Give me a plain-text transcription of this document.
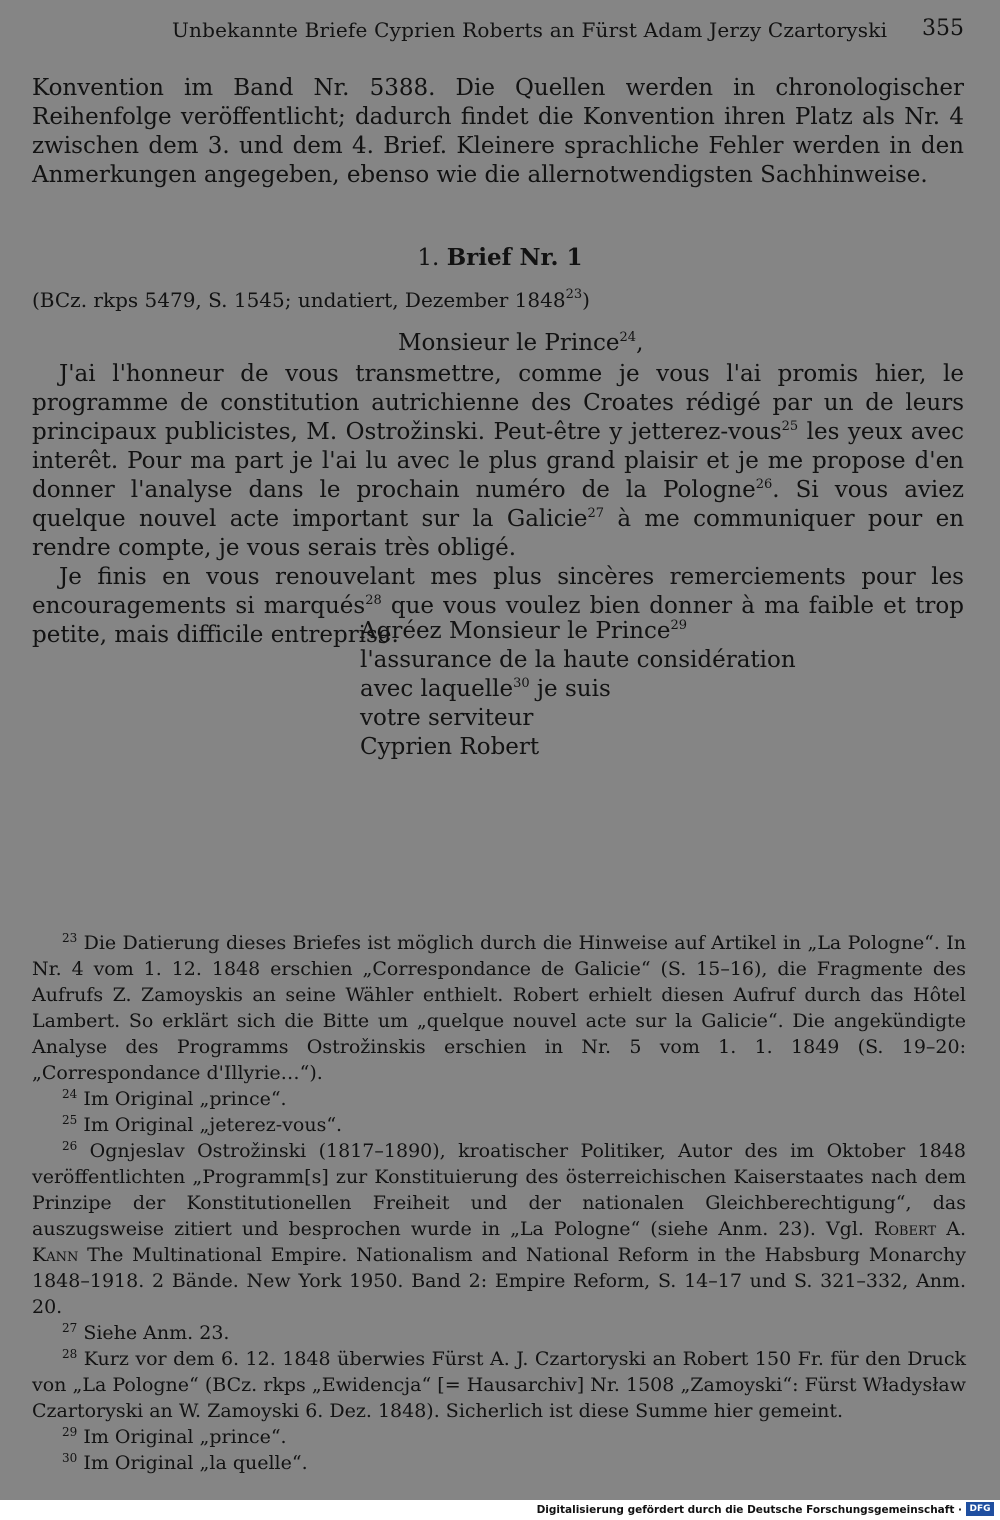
Unbekannte Briefe Cyprien Roberts an Fürst Adam Jerzy Czartoryski 355
Konvention im Band Nr. 5388. Die Quellen werden in chronologischer Reihenfolge veröffentlicht; dadurch findet die Konvention ihren Platz als Nr. 4 zwischen dem 3. und dem 4. Brief. Kleinere sprachliche Fehler werden in den Anmerkungen angegeben, ebenso wie die allernotwendigsten Sachhinweise.
1. Brief Nr. 1
(BCz. rkps 5479, S. 1545; undatiert, Dezember 1848$^{23}$)
Monsieur le Prince$^{24}$,

J'ai l'honneur de vous transmettre, comme je vous l'ai promis hier, le programme de constitution autrichienne des Croates rédigé par un de leurs principaux publicistes, M. Ostrožinski. Peut-être y jetterez-vous$^{25}$ les yeux avec interêt. Pour ma part je l'ai lu avec le plus grand plaisir et je me propose d'en donner l'analyse dans le prochain numéro de la Pologne$^{26}$. Si vous aviez quelque nouvel acte important sur la Galicie$^{27}$ à me communiquer pour en rendre compte, je vous serais très obligé.

Je finis en vous renouvelant mes plus sincères remerciements pour les encouragements si marqués$^{28}$ que vous voulez bien donner à ma faible et trop petite, mais difficile entreprise.

Agréez Monsieur le Prince$^{29}$
l'assurance de la haute considération
avec laquelle$^{30}$ je suis
votre serviteur
Cyprien Robert
$^{23}$ Die Datierung dieses Briefes ist möglich durch die Hinweise auf Artikel in „La Pologne“. In Nr. 4 vom 1. 12. 1848 erschien „Correspondance de Galicie“ (S. 15–16), die Fragmente des Aufrufs Z. Zamoyskis an seine Wähler enthielt. Robert erhielt diesen Aufruf durch das Hôtel Lambert. So erklärt sich die Bitte um „quelque nouvel acte sur la Galicie“. Die angekündigte Analyse des Programms Ostrožinskis erschien in Nr. 5 vom 1. 1. 1849 (S. 19–20: „Correspondance d'Illyrie…“).
$^{24}$ Im Original „prince“.
$^{25}$ Im Original „jeterez-vous“.
$^{26}$ Ognjeslav Ostrožinski (1817–1890), kroatischer Politiker, Autor des im Oktober 1848 veröffentlichten „Programm[s] zur Konstituierung des österreichischen Kaiserstaates nach dem Prinzipe der Konstitutionellen Freiheit und der nationalen Gleichberechtigung“, das auszugsweise zitiert und besprochen wurde in „La Pologne“ (siehe Anm. 23). Vgl. Robert A. Kann The Multinational Empire. Nationalism and National Reform in the Habsburg Monarchy 1848–1918. 2 Bände. New York 1950. Band 2: Empire Reform, S. 14–17 und S. 321–332, Anm. 20.
$^{27}$ Siehe Anm. 23.
$^{28}$ Kurz vor dem 6. 12. 1848 überwies Fürst A. J. Czartoryski an Robert 150 Fr. für den Druck von „La Pologne“ (BCz. rkps „Ewidencja“ [= Hausarchiv] Nr. 1508 „Zamoyski“: Fürst Władysław Czartoryski an W. Zamoyski 6. Dez. 1848). Sicherlich ist diese Summe hier gemeint.
$^{29}$ Im Original „prince“.
$^{30}$ Im Original „la quelle“.
Digitalisierung gefördert durch die Deutsche Forschungsgemeinschaft · DFG
